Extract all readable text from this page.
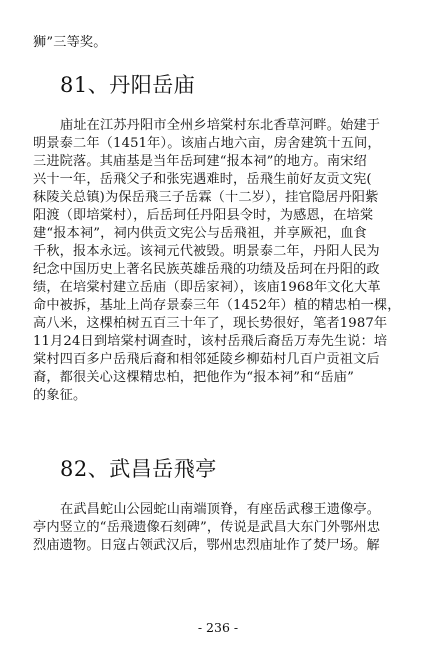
狮”三等奖。
81、丹阳岳庙
庙址在江苏丹阳市全州乡培棠村东北香草河畔。始建于
明景泰二年（1451年）。该庙占地六亩，房舍建筑十五间，
三进院落。其庙基是当年岳珂建“报本祠”的地方。南宋绍
兴十一年，岳飛父子和张宪遇难时，岳飛生前好友贡文宪(
秣陵关总镇)为保岳飛三子岳霖（十二岁），挂官隐居丹阳紫
阳渡（即培棠村），后岳珂任丹阳县令时，为感恩，在培棠
建“报本祠”，祠内供贡文宪公与岳飛祖，并享厥祀，血食
千秋，报本永远。该祠元代被毁。明景泰二年，丹阳人民为
纪念中国历史上著名民族英雄岳飛的功绩及岳珂在丹阳的政
绩，在培棠村建立岳庙（即岳家祠），该庙1968年文化大革
命中被拆，基址上尚存景泰三年（1452年）植的精忠柏一棵，
高八米，这棵柏树五百三十年了，现长势很好，笔者1987年
11月24日到培棠村调查时，该村岳飛后裔岳万寿先生说：培
棠村四百多户岳飛后裔和相邻延陵乡柳茹村几百户贡祖文后
裔，都很关心这棵精忠柏，把他作为“报本祠”和“岳庙”
的象征。
82、武昌岳飛亭
在武昌蛇山公园蛇山南端顶脊，有座岳武穆王遗像亭。
亭内竖立的“岳飛遗像石刻碑”，传说是武昌大东门外鄂州忠
烈庙遗物。日寇占领武汉后，鄂州忠烈庙址作了焚尸场。解
- 236 -
